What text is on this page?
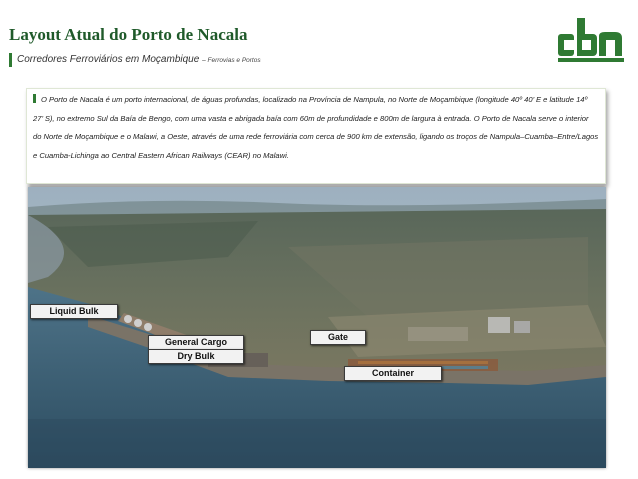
Layout Atual do Porto de Nacala
Corredores Ferroviários em Moçambique – Ferrovias e Portos

O Porto de Nacala é um porto internacional, de águas profundas, localizado na Província de Nampula, no Norte de Moçambique (longitude 40º 40’ E e latitude 14º 27’ S), no extremo Sul da Baía de Bengo, com uma vasta e abrigada baía com 60m de profundidade e 800m de largura à entrada. O Porto de Nacala serve o interior do Norte de Moçambique e o Malawi, a Oeste, através de uma rede ferroviária com cerca de 900 km de extensão, ligando os troços de Nampula–Cuamba–Entre/Lagos e Cuamba-Lichinga ao Central Eastern African Railways (CEAR) no Malawi.

Liquid Bulk
General Cargo
Dry Bulk
Gate
Container
